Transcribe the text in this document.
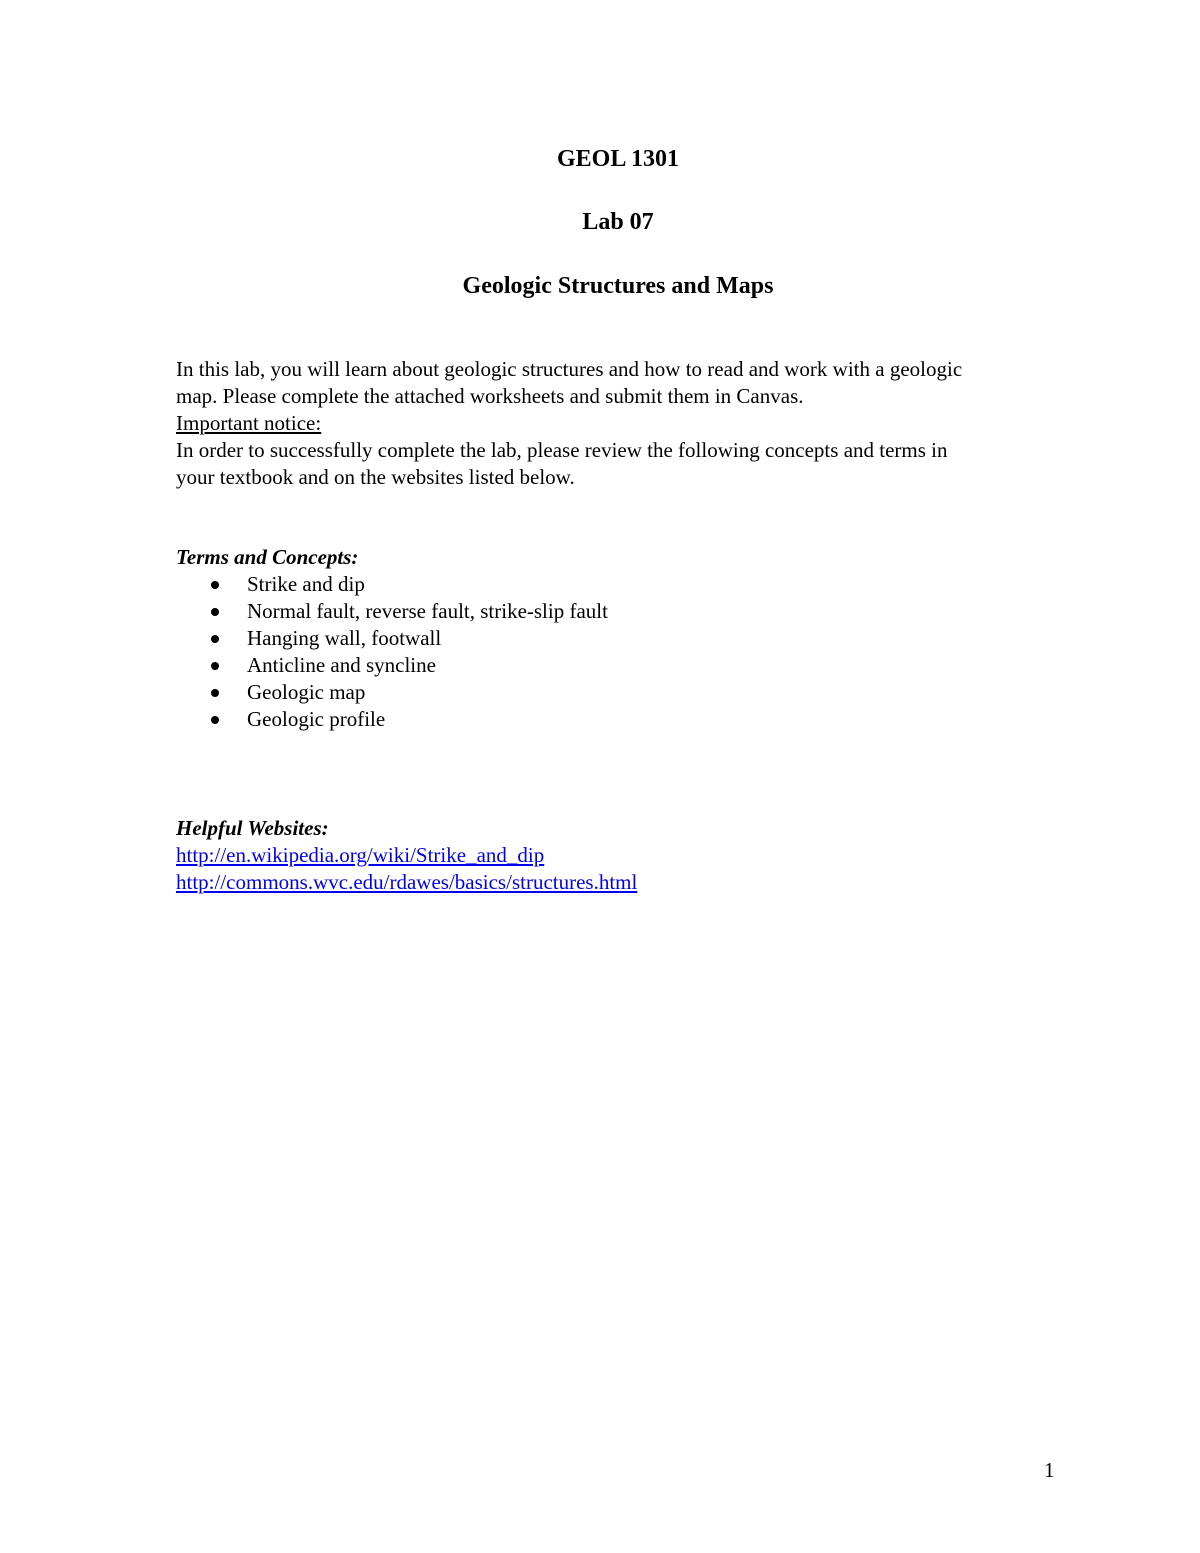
GEOL 1301
Lab 07
Geologic Structures and Maps

In this lab, you will learn about geologic structures and how to read and work with a geologic

map. Please complete the attached worksheets and submit them in Canvas.

Important notice:

In order to successfully complete the lab, please review the following concepts and terms in

your textbook and on the websites listed below.

Terms and Concepts:

Strike and dip
Normal fault, reverse fault, strike-slip fault
Hanging wall, footwall
Anticline and syncline
Geologic map
Geologic profile

Helpful Websites:

http://en.wikipedia.org/wiki/Strike_and_dip
http://commons.wvc.edu/rdawes/basics/structures.html
1
